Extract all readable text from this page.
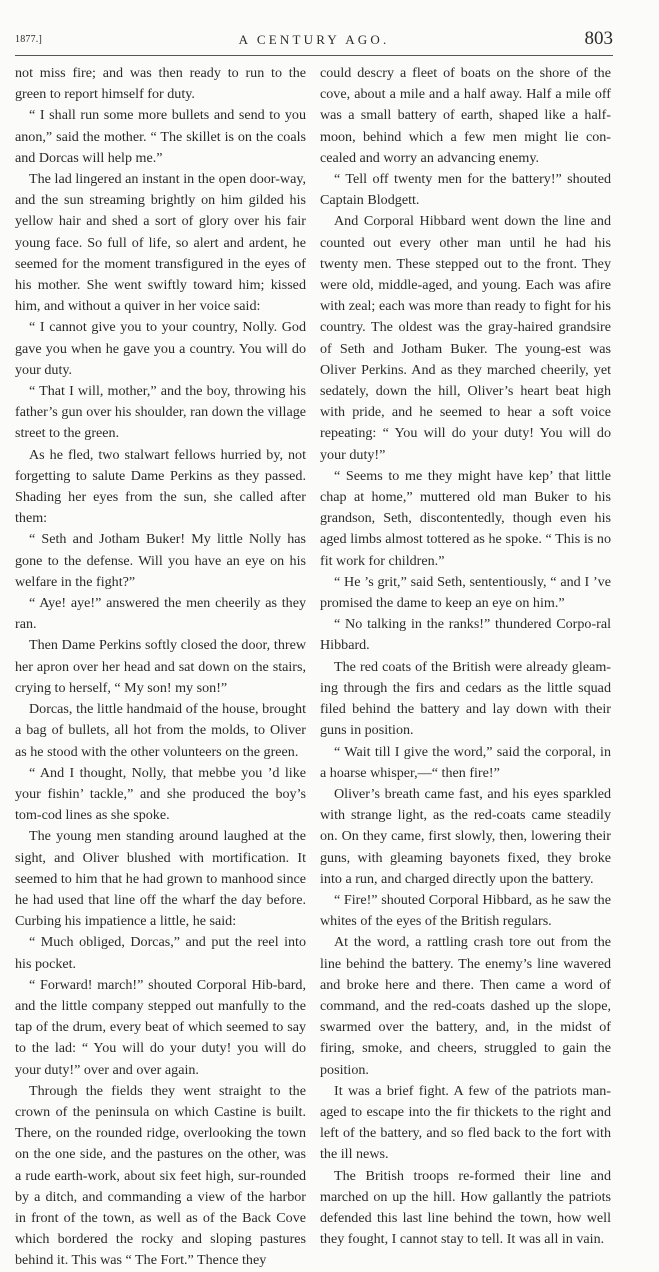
1877.]	A CENTURY AGO.	803

not miss fire; and was then ready to run to the green to report himself for duty.

“ I shall run some more bullets and send to you anon,” said the mother. “ The skillet is on the coals and Dorcas will help me.”

The lad lingered an instant in the open door-way, and the sun streaming brightly on him gilded his yellow hair and shed a sort of glory over his fair young face. So full of life, so alert and ardent, he seemed for the moment transfigured in the eyes of his mother. She went swiftly toward him; kissed him, and without a quiver in her voice said:

“ I cannot give you to your country, Nolly. God gave you when he gave you a country. You will do your duty.

“ That I will, mother,” and the boy, throwing his father’s gun over his shoulder, ran down the village street to the green.

As he fled, two stalwart fellows hurried by, not forgetting to salute Dame Perkins as they passed. Shading her eyes from the sun, she called after them:

“ Seth and Jotham Buker! My little Nolly has gone to the defense. Will you have an eye on his welfare in the fight?”

“ Aye! aye!” answered the men cheerily as they ran.

Then Dame Perkins softly closed the door, threw her apron over her head and sat down on the stairs, crying to herself, “ My son! my son!”

Dorcas, the little handmaid of the house, brought a bag of bullets, all hot from the molds, to Oliver as he stood with the other volunteers on the green.

“ And I thought, Nolly, that mebbe you ’d like your fishin’ tackle,” and she produced the boy’s tom-cod lines as she spoke.

The young men standing around laughed at the sight, and Oliver blushed with mortification. It seemed to him that he had grown to manhood since he had used that line off the wharf the day before. Curbing his impatience a little, he said:

“ Much obliged, Dorcas,” and put the reel into his pocket.

“ Forward! march!” shouted Corporal Hib-bard, and the little company stepped out manfully to the tap of the drum, every beat of which seemed to say to the lad: “ You will do your duty! you will do your duty!” over and over again.

Through the fields they went straight to the crown of the peninsula on which Castine is built. There, on the rounded ridge, overlooking the town on the one side, and the pastures on the other, was a rude earth-work, about six feet high, sur-rounded by a ditch, and commanding a view of the harbor in front of the town, as well as of the Back Cove which bordered the rocky and sloping pastures behind it. This was “ The Fort.” Thence they

could descry a fleet of boats on the shore of the cove, about a mile and a half away. Half a mile off was a small battery of earth, shaped like a half-moon, behind which a few men might lie con-cealed and worry an advancing enemy.

“ Tell off twenty men for the battery!” shouted Captain Blodgett.

And Corporal Hibbard went down the line and counted out every other man until he had his twenty men. These stepped out to the front. They were old, middle-aged, and young. Each was afire with zeal; each was more than ready to fight for his country. The oldest was the gray-haired grandsire of Seth and Jotham Buker. The young-est was Oliver Perkins. And as they marched cheerily, yet sedately, down the hill, Oliver’s heart beat high with pride, and he seemed to hear a soft voice repeating: “ You will do your duty! You will do your duty!”

“ Seems to me they might have kep’ that little chap at home,” muttered old man Buker to his grandson, Seth, discontentedly, though even his aged limbs almost tottered as he spoke. “ This is no fit work for children.”

“ He ’s grit,” said Seth, sententiously, “ and I ’ve promised the dame to keep an eye on him.”

“ No talking in the ranks!” thundered Corpo-ral Hibbard.

The red coats of the British were already gleam-ing through the firs and cedars as the little squad filed behind the battery and lay down with their guns in position.

“ Wait till I give the word,” said the corporal, in a hoarse whisper,—“ then fire!”

Oliver’s breath came fast, and his eyes sparkled with strange light, as the red-coats came steadily on. On they came, first slowly, then, lowering their guns, with gleaming bayonets fixed, they broke into a run, and charged directly upon the battery.

“ Fire!” shouted Corporal Hibbard, as he saw the whites of the eyes of the British regulars.

At the word, a rattling crash tore out from the line behind the battery. The enemy’s line wavered and broke here and there. Then came a word of command, and the red-coats dashed up the slope, swarmed over the battery, and, in the midst of firing, smoke, and cheers, struggled to gain the position.

It was a brief fight. A few of the patriots man-aged to escape into the fir thickets to the right and left of the battery, and so fled back to the fort with the ill news.

The British troops re-formed their line and marched on up the hill. How gallantly the patriots defended this last line behind the town, how well they fought, I cannot stay to tell. It was all in vain.
